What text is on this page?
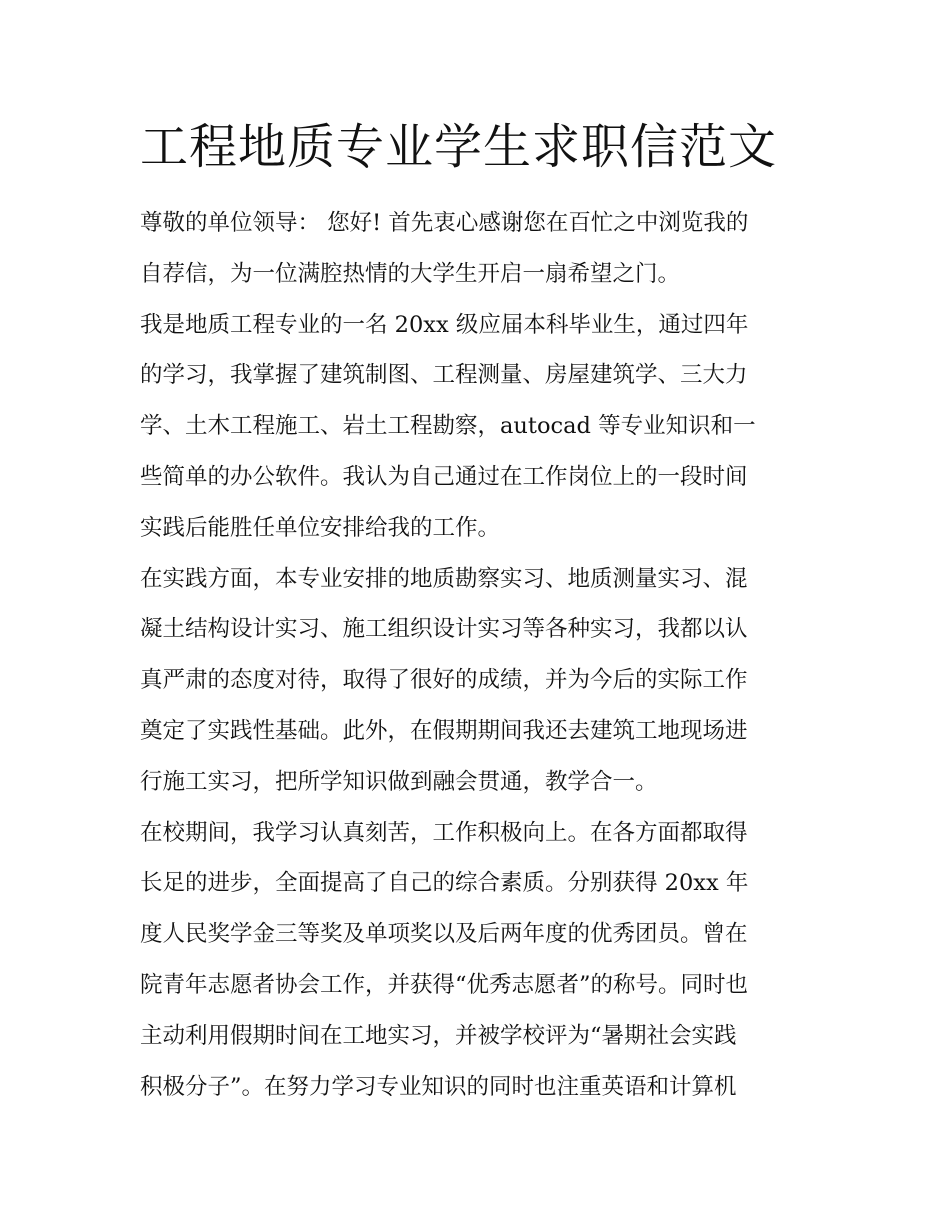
工程地质专业学生求职信范文
尊敬的单位领导： 您好! 首先衷心感谢您在百忙之中浏览我的
自荐信，为一位满腔热情的大学生开启一扇希望之门。
我是地质工程专业的一名 20xx 级应届本科毕业生，通过四年
的学习，我掌握了建筑制图、工程测量、房屋建筑学、三大力
学、土木工程施工、岩土工程勘察，autocad 等专业知识和一
些简单的办公软件。我认为自己通过在工作岗位上的一段时间
实践后能胜任单位安排给我的工作。
在实践方面，本专业安排的地质勘察实习、地质测量实习、混
凝土结构设计实习、施工组织设计实习等各种实习，我都以认
真严肃的态度对待，取得了很好的成绩，并为今后的实际工作
奠定了实践性基础。此外，在假期期间我还去建筑工地现场进
行施工实习，把所学知识做到融会贯通，教学合一。
在校期间，我学习认真刻苦，工作积极向上。在各方面都取得
长足的进步，全面提高了自己的综合素质。分别获得 20xx 年
度人民奖学金三等奖及单项奖以及后两年度的优秀团员。曾在
院青年志愿者协会工作，并获得“优秀志愿者”的称号。同时也
主动利用假期时间在工地实习，并被学校评为“暑期社会实践
积极分子”。在努力学习专业知识的同时也注重英语和计算机
